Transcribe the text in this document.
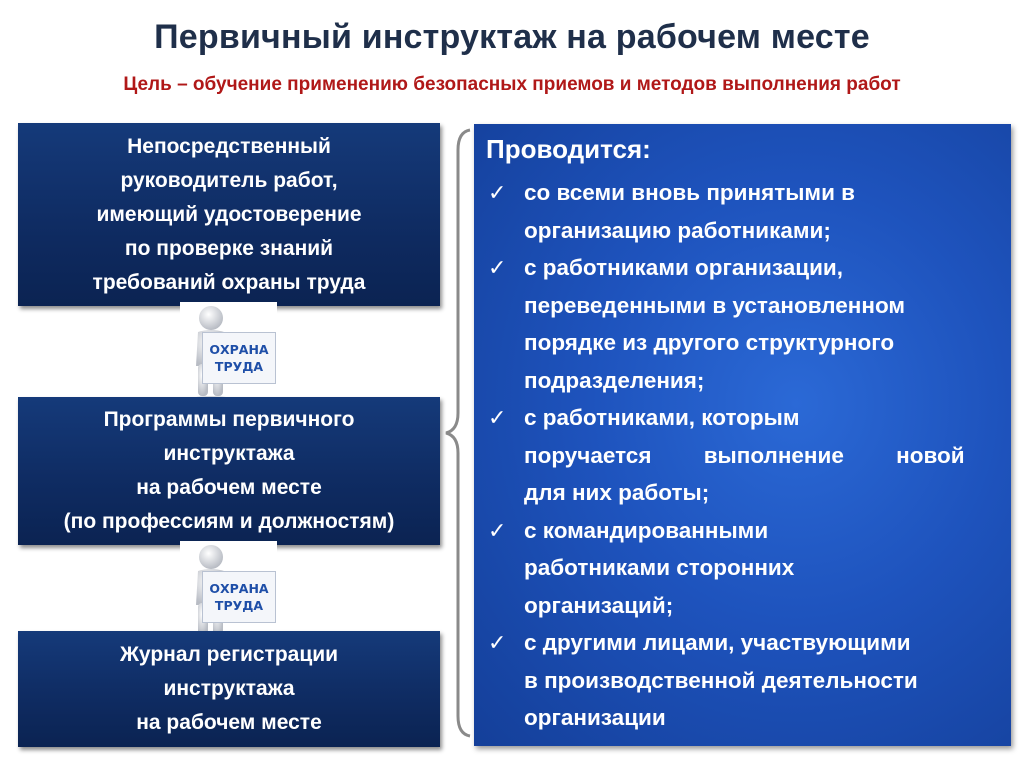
Первичный инструктаж на рабочем месте
Цель – обучение применению безопасных приемов и методов выполнения работ
Непосредственный
руководитель работ,
имеющий удостоверение
по проверке знаний
требований охраны труда
ОХРАНА
ТРУДА
Программы первичного
инструктажа
на рабочем месте
(по профессиям и должностям)
ОХРАНА
ТРУДА
Журнал регистрации
инструктажа
на рабочем месте
Проводится:
✓ со всеми вновь принятыми в
организацию работниками;
✓ с работниками организации,
переведенными в установленном
порядке из другого структурного
подразделения;
✓ с работниками, которым
поручается выполнение новой
для них работы;
✓ с командированными
работниками сторонних
организаций;
✓ с другими лицами, участвующими
в производственной деятельности
организации
